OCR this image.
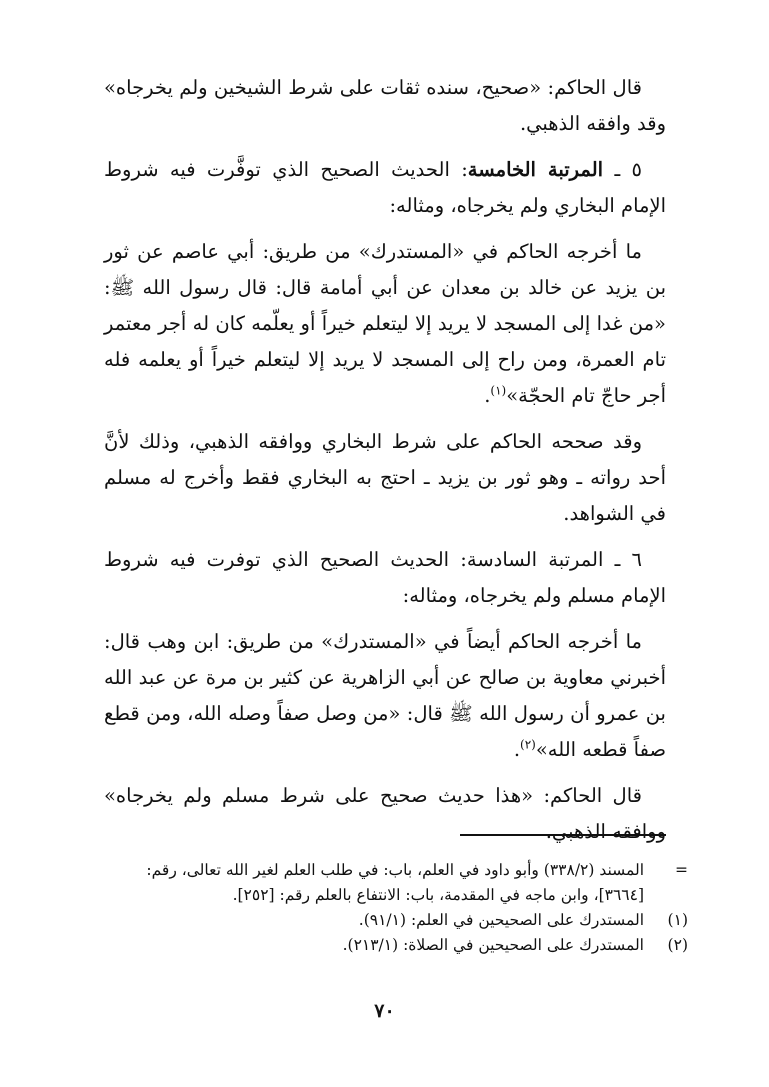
قال الحاكم: «صحيح، سنده ثقات على شرط الشيخين ولم يخرجاه» وقد وافقه الذهبي.

٥ ـ المرتبة الخامسة: الحديث الصحيح الذي توفَّرت فيه شروط الإمام البخاري ولم يخرجاه، ومثاله:

ما أخرجه الحاكم في «المستدرك» من طريق: أبي عاصم عن ثور بن يزيد عن خالد بن معدان عن أبي أمامة قال: قال رسول الله ﷺ: «من غدا إلى المسجد لا يريد إلا ليتعلم خيراً أو يعلّمه كان له أجر معتمر تام العمرة، ومن راح إلى المسجد لا يريد إلا ليتعلم خيراً أو يعلمه فله أجر حاجّ تام الحجّة»$^{(١)}$.

وقد صححه الحاكم على شرط البخاري ووافقه الذهبي، وذلك لأنَّ أحد رواته ـ وهو ثور بن يزيد ـ احتج به البخاري فقط وأخرج له مسلم في الشواهد.

٦ ـ المرتبة السادسة: الحديث الصحيح الذي توفرت فيه شروط الإمام مسلم ولم يخرجاه، ومثاله:

ما أخرجه الحاكم أيضاً في «المستدرك» من طريق: ابن وهب قال: أخبرني معاوية بن صالح عن أبي الزاهرية عن كثير بن مرة عن عبد الله بن عمرو أن رسول الله ﷺ قال: «من وصل صفاً وصله الله، ومن قطع صفاً قطعه الله»$^{(٢)}$.

قال الحاكم: «هذا حديث صحيح على شرط مسلم ولم يخرجاه» ووافقه الذهبي.

=
المسند (٣٣٨/٢) وأبو داود في العلم، باب: في طلب العلم لغير الله تعالى، رقم: [٣٦٦٤]، وابن ماجه في المقدمة، باب: الانتفاع بالعلم رقم: [٢٥٢].

(١)
المستدرك على الصحيحين في العلم: (٩١/١).

(٢)
المستدرك على الصحيحين في الصلاة: (٢١٣/١).

٧٠
